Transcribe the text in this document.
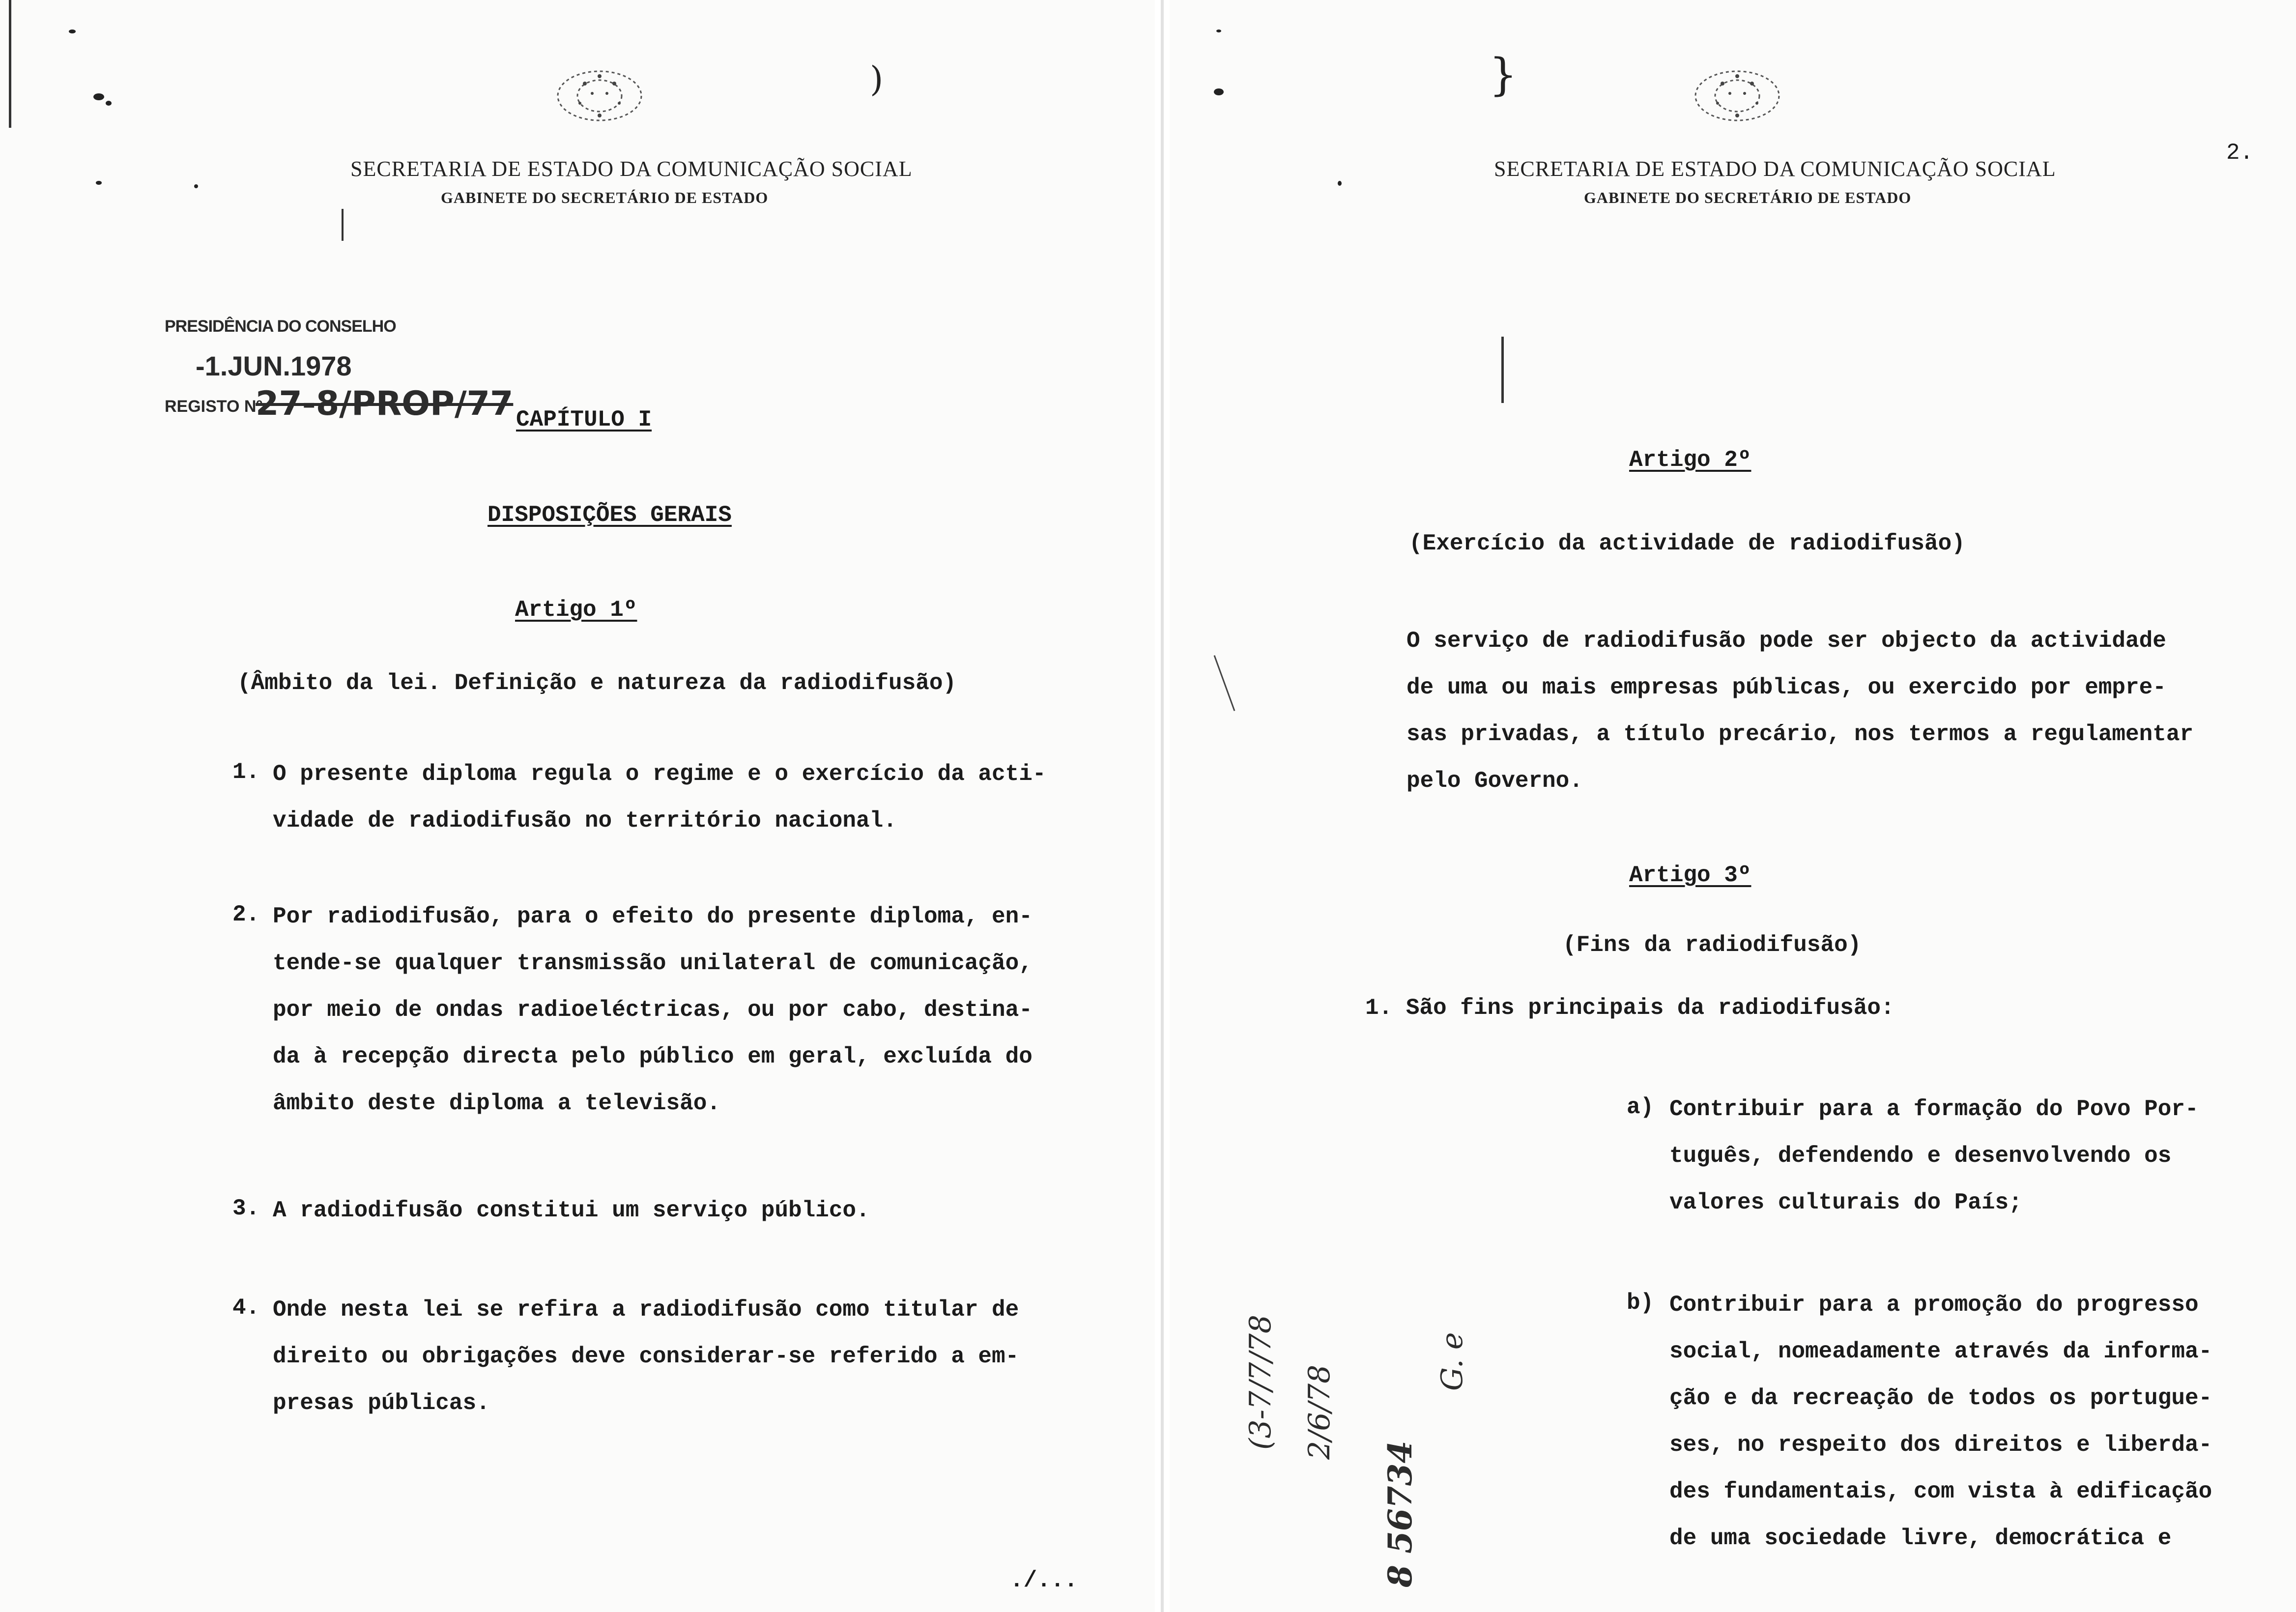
)
SECRETARIA DE ESTADO DA COMUNICAÇÃO SOCIAL
GABINETE DO SECRETÁRIO DE ESTADO
PRESIDÊNCIA DO CONSELHO
-1.JUN.1978
REGISTO Nº
27-8/PROP/77 CAPÍTULO I
DISPOSIÇÕES GERAIS
Artigo 1º
(Âmbito da lei. Definição e natureza da radiodifusão)
1. O presente diploma regula o regime e o exercício da acti-
vidade de radiodifusão no território nacional.
2. Por radiodifusão, para o efeito do presente diploma, en-
tende-se qualquer transmissão unilateral de comunicação,
por meio de ondas radioeléctricas, ou por cabo, destina-
da à recepção directa pelo público em geral, excluída do
âmbito deste diploma a televisão.
3. A radiodifusão constitui um serviço público.
4. Onde nesta lei se refira a radiodifusão como titular de
direito ou obrigações deve considerar-se referido a em-
presas públicas.
./...
}
SECRETARIA DE ESTADO DA COMUNICAÇÃO SOCIAL
GABINETE DO SECRETÁRIO DE ESTADO
2.
Artigo 2º
(Exercício da actividade de radiodifusão)
O serviço de radiodifusão pode ser objecto da actividade
de uma ou mais empresas públicas, ou exercido por empre-
sas privadas, a título precário, nos termos a regulamentar
pelo Governo.
Artigo 3º
(Fins da radiodifusão)
1. São fins principais da radiodifusão:
a) Contribuir para a formação do Povo Por-
tuguês, defendendo e desenvolvendo os
valores culturais do País;
b) Contribuir para a promoção do progresso
social, nomeadamente através da informa-
ção e da recreação de todos os portugue-
ses, no respeito dos direitos e liberda-
des fundamentais, com vista à edificação
de uma sociedade livre, democrática e
(3-7/7/78 2/6/78
8 56734
G. e
